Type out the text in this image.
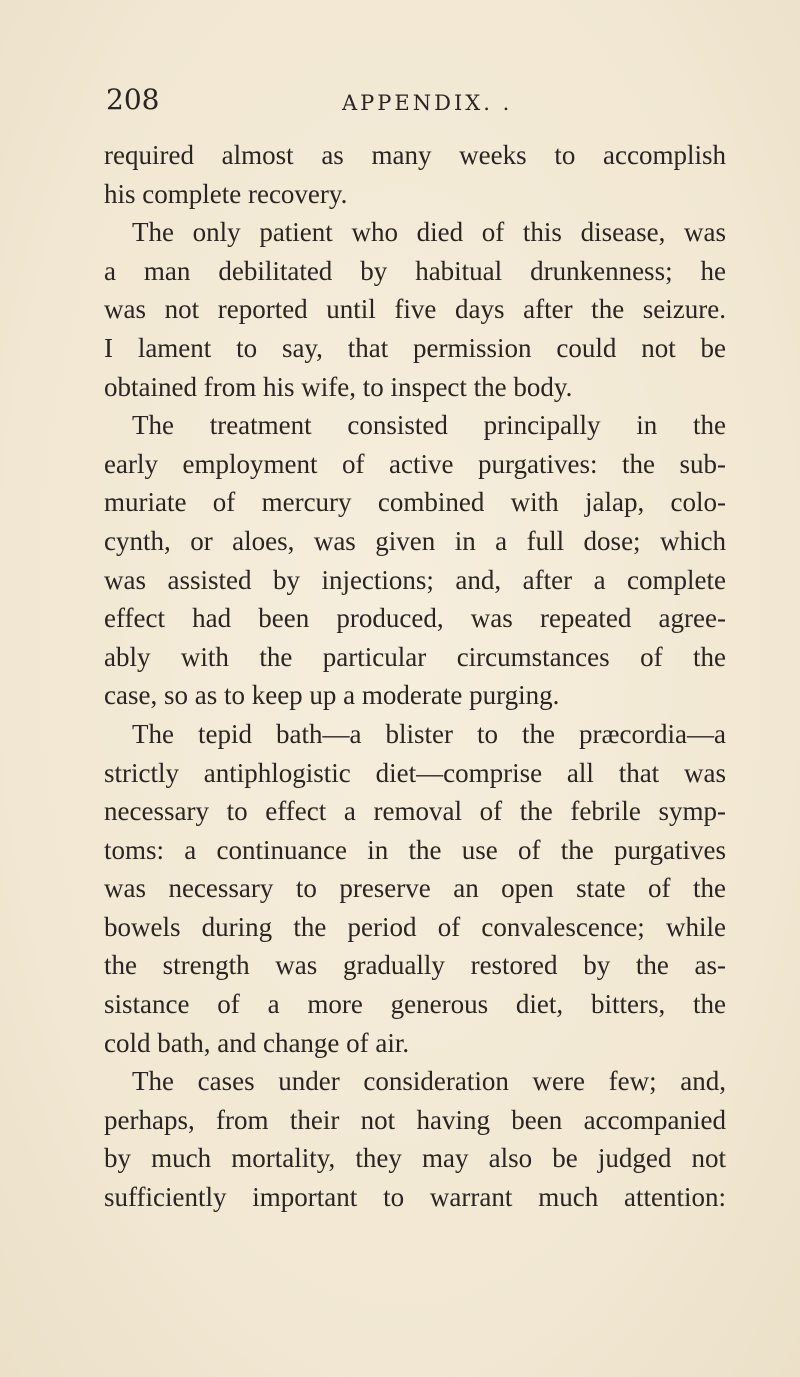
208	APPENDIX. .
required almost as many weeks to accomplish
his complete recovery.
The only patient who died of this disease, was
a man debilitated by habitual drunkenness; he
was not reported until five days after the seizure.
I lament to say, that permission could not be
obtained from his wife, to inspect the body.
The treatment consisted principally in the
early employment of active purgatives: the sub-
muriate of mercury combined with jalap, colo-
cynth, or aloes, was given in a full dose; which
was assisted by injections; and, after a complete
effect had been produced, was repeated agree-
ably with the particular circumstances of the
case, so as to keep up a moderate purging.
The tepid bath—a blister to the præcordia—a
strictly antiphlogistic diet—comprise all that was
necessary to effect a removal of the febrile symp-
toms: a continuance in the use of the purgatives
was necessary to preserve an open state of the
bowels during the period of convalescence; while
the strength was gradually restored by the as-
sistance of a more generous diet, bitters, the
cold bath, and change of air.
The cases under consideration were few; and,
perhaps, from their not having been accompanied
by much mortality, they may also be judged not
sufficiently important to warrant much attention:
